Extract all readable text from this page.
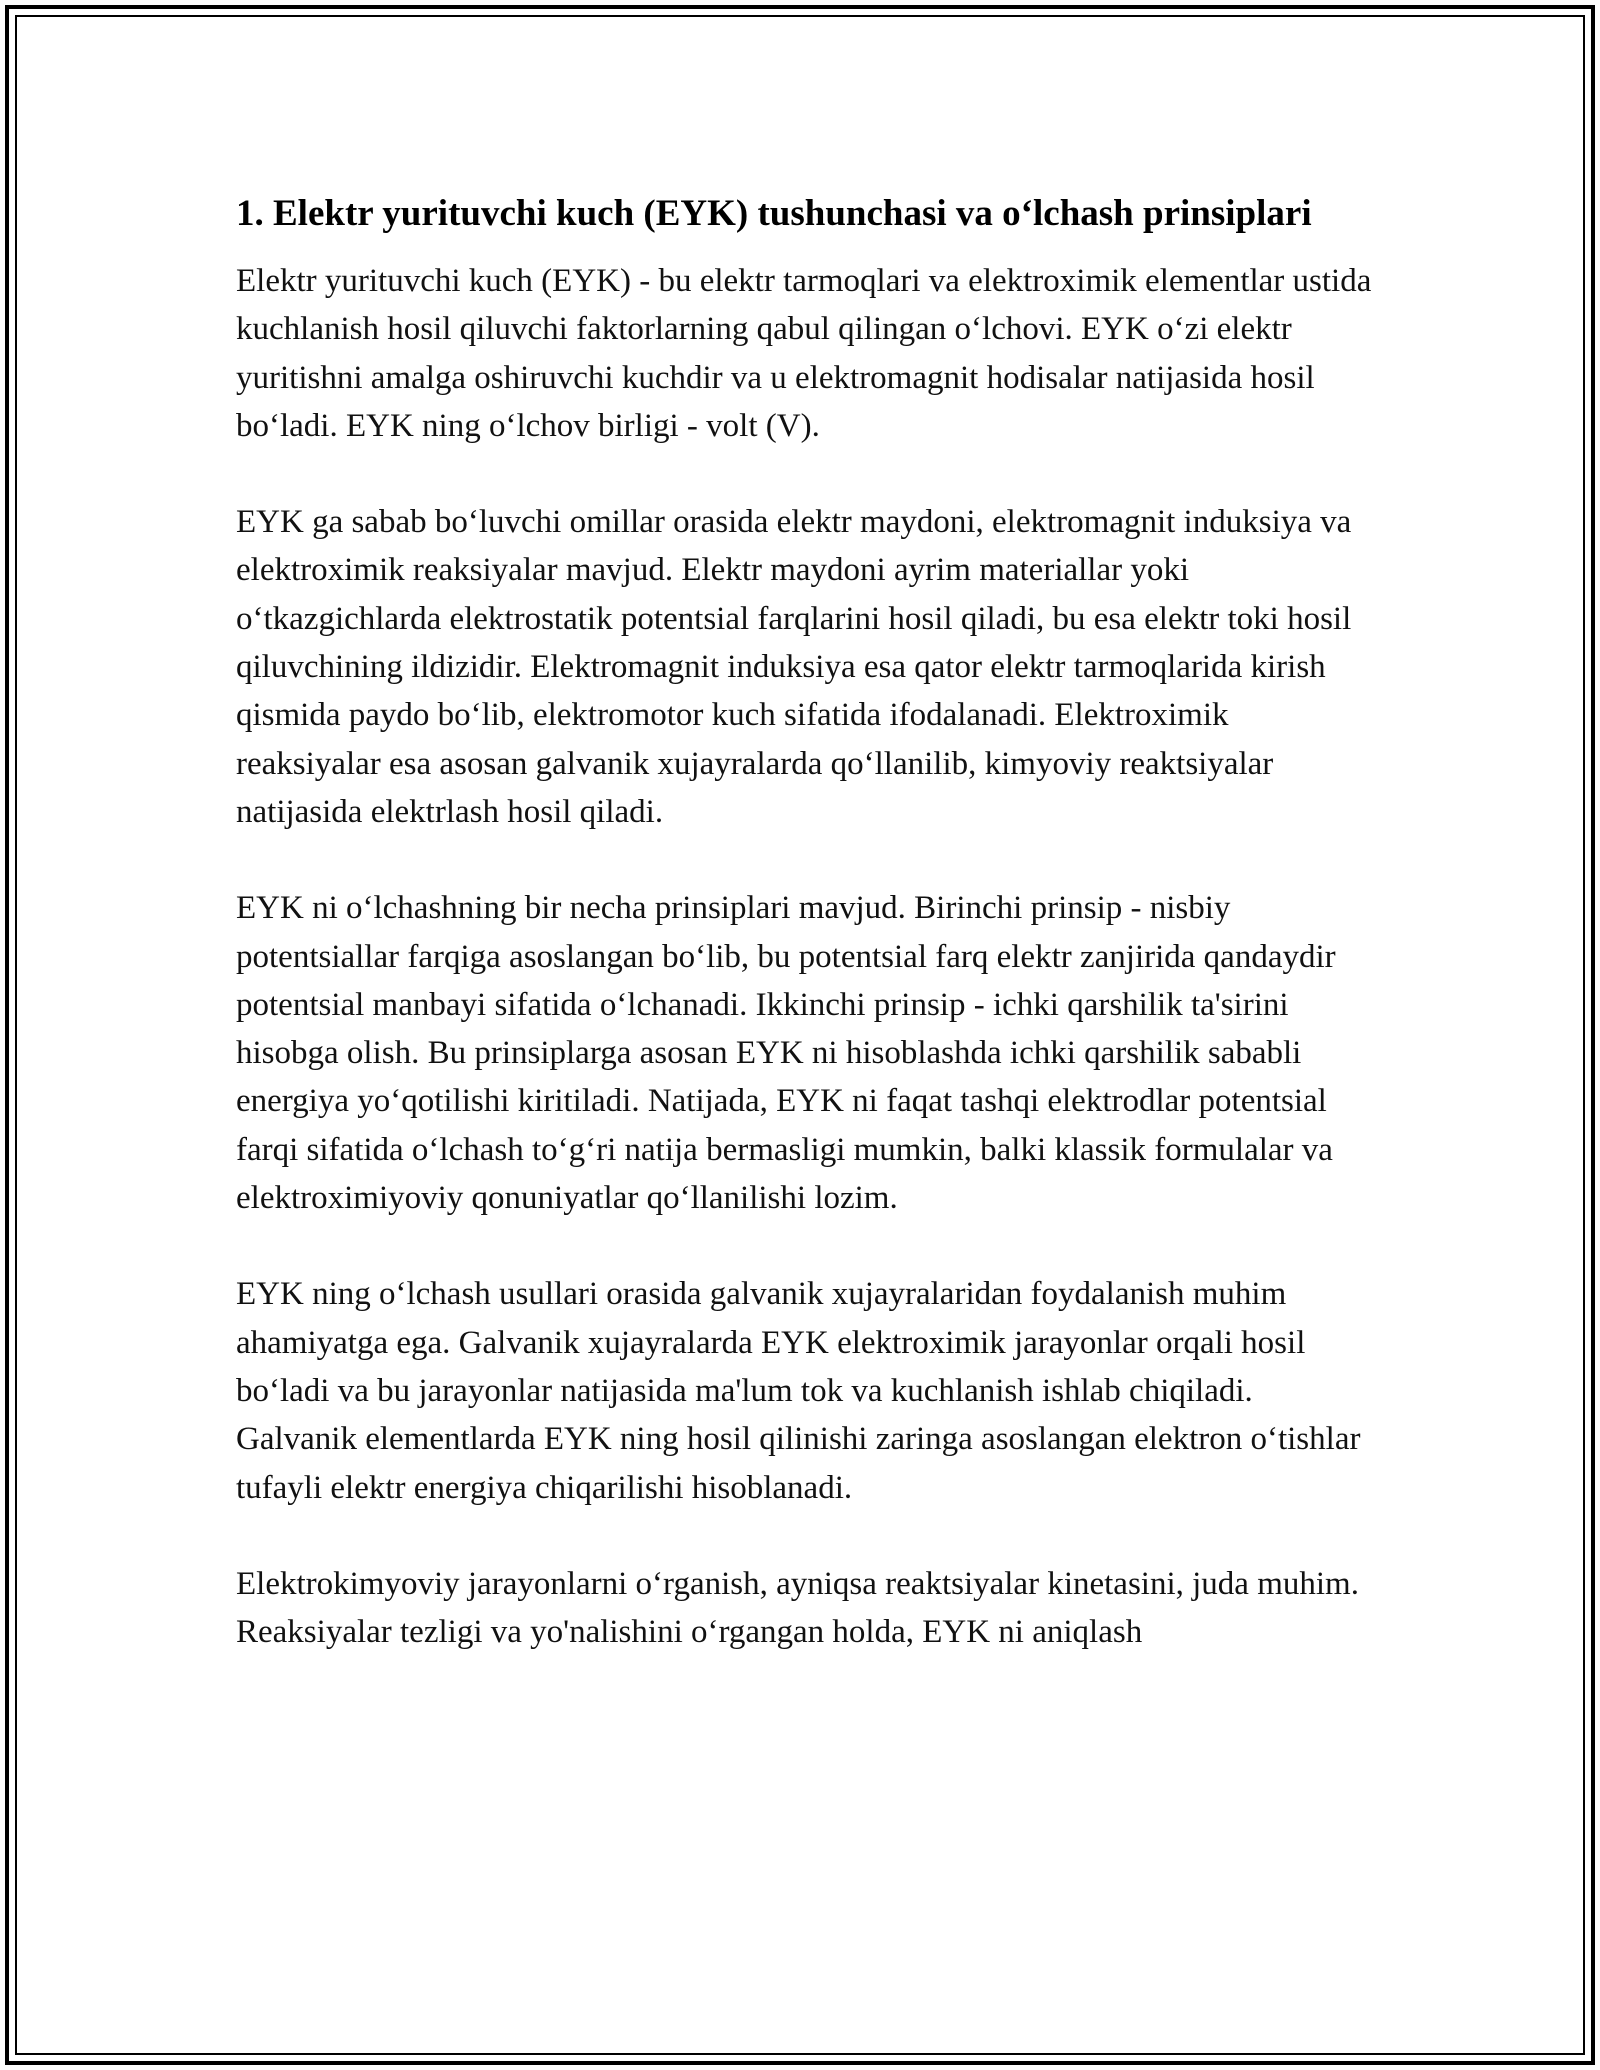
1. Elektr yurituvchi kuch (EYK) tushunchasi va o‘lchash prinsiplari

Elektr yurituvchi kuch (EYK) - bu elektr tarmoqlari va elektroximik elementlar ustida kuchlanish hosil qiluvchi faktorlarning qabul qilingan o‘lchovi. EYK o‘zi elektr yuritishni amalga oshiruvchi kuchdir va u elektromagnit hodisalar natijasida hosil bo‘ladi. EYK ning o‘lchov birligi - volt (V).

EYK ga sabab bo‘luvchi omillar orasida elektr maydoni, elektromagnit induksiya va elektroximik reaksiyalar mavjud. Elektr maydoni ayrim materiallar yoki o‘tkazgichlarda elektrostatik potentsial farqlarini hosil qiladi, bu esa elektr toki hosil qiluvchining ildizidir. Elektromagnit induksiya esa qator elektr tarmoqlarida kirish qismida paydo bo‘lib, elektromotor kuch sifatida ifodalanadi. Elektroximik reaksiyalar esa asosan galvanik xujayralarda qo‘llanilib, kimyoviy reaktsiyalar natijasida elektrlash hosil qiladi.

EYK ni o‘lchashning bir necha prinsiplari mavjud. Birinchi prinsip - nisbiy potentsiallar farqiga asoslangan bo‘lib, bu potentsial farq elektr zanjirida qandaydir potentsial manbayi sifatida o‘lchanadi. Ikkinchi prinsip - ichki qarshilik ta'sirini hisobga olish. Bu prinsiplarga asosan EYK ni hisoblashda ichki qarshilik sababli energiya yo‘qotilishi kiritiladi. Natijada, EYK ni faqat tashqi elektrodlar potentsial farqi sifatida o‘lchash to‘g‘ri natija bermasligi mumkin, balki klassik formulalar va elektroximiyoviy qonuniyatlar qo‘llanilishi lozim.

EYK ning o‘lchash usullari orasida galvanik xujayralaridan foydalanish muhim ahamiyatga ega. Galvanik xujayralarda EYK elektroximik jarayonlar orqali hosil bo‘ladi va bu jarayonlar natijasida ma'lum tok va kuchlanish ishlab chiqiladi. Galvanik elementlarda EYK ning hosil qilinishi zaringa asoslangan elektron o‘tishlar tufayli elektr energiya chiqarilishi hisoblanadi.

Elektrokimyoviy jarayonlarni o‘rganish, ayniqsa reaktsiyalar kinetasini, juda muhim. Reaksiyalar tezligi va yo'nalishini o‘rgangan holda, EYK ni aniqlash
